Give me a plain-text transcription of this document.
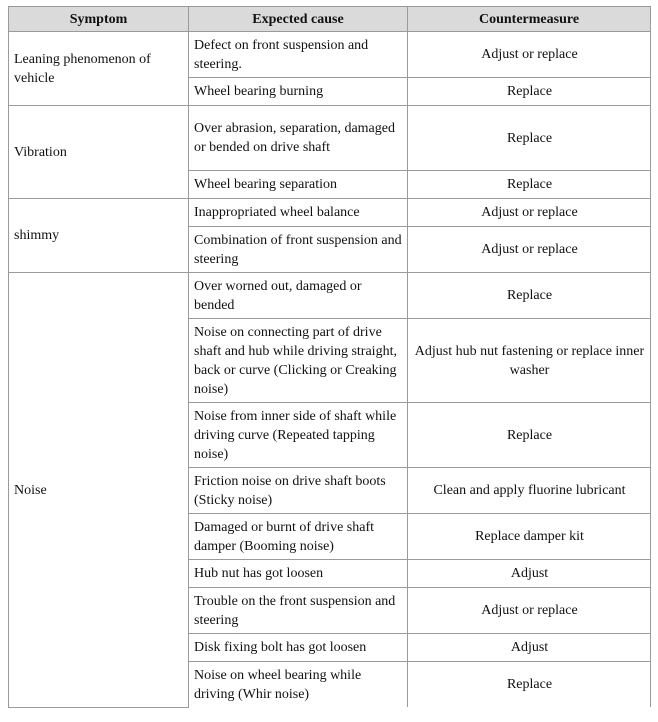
Symptom	Expected cause	Countermeasure
Leaning phenomenon of vehicle	Defect on front suspension and steering.	Adjust or replace
	Wheel bearing burning	Replace
Vibration	Over abrasion, separation, damaged or bended on drive shaft	Replace
	Wheel bearing separation	Replace
shimmy	Inappropriated wheel balance	Adjust or replace
	Combination of front suspension and steering	Adjust or replace
Noise	Over worned out, damaged or bended	Replace
	Noise on connecting part of drive shaft and hub while driving straight, back or curve (Clicking or Creaking noise)	Adjust hub nut fastening or replace inner washer
	Noise from inner side of shaft while driving curve (Repeated tapping noise)	Replace
	Friction noise on drive shaft boots (Sticky noise)	Clean and apply fluorine lubricant
	Damaged or burnt of drive shaft damper (Booming noise)	Replace damper kit
	Hub nut has got loosen	Adjust
	Trouble on the front suspension and steering	Adjust or replace
	Disk fixing bolt has got loosen	Adjust
	Noise on wheel bearing while driving (Whir noise)	Replace
